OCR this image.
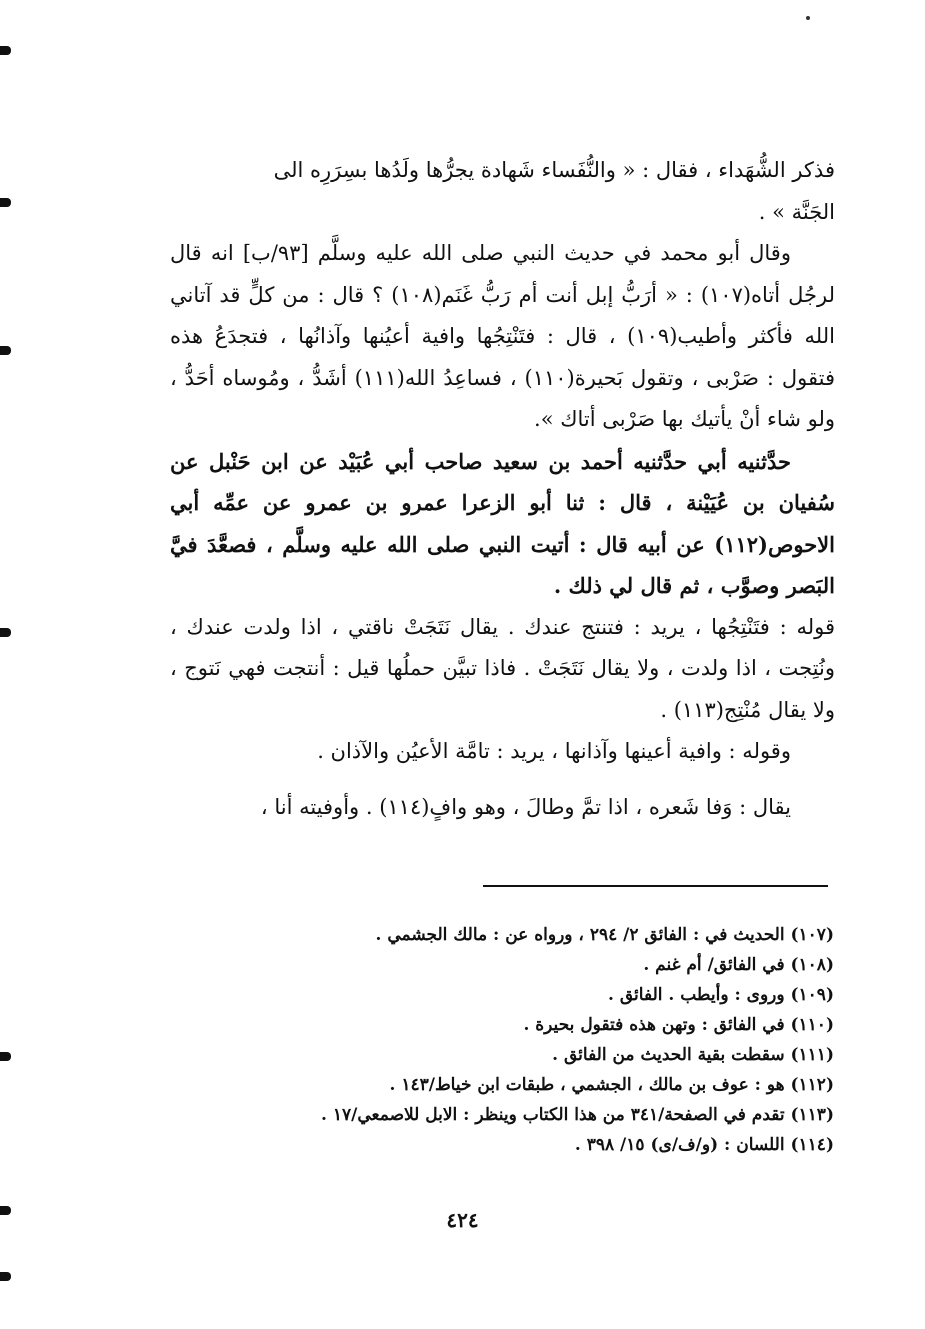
فذكر الشُّهَداء ، فقال : « والنُّفَساء شَهادة يجرُّها ولَدُها بسِرَرِه الى
الجَنَّة » .

وقال أبو محمد في حديث النبي صلى الله عليه وسلَّم [٩٣/ب] انه قال لرجُل أتاه(١٠٧) : « أرَبُّ إبل أنت أم رَبُّ غَنَم(١٠٨) ؟ قال : من كلٍّ قد آتاني الله فأكثر وأطيب(١٠٩) ، قال : فتَنْتِجُها وافية أعيُنها وآذانُها ، فتجدَعُ هذه فتقول : صَرْبى ، وتقول بَحيرة(١١٠) ، فساعِدُ الله(١١١) أشَدُّ ، ومُوساه أحَدُّ ، ولو شاء أنْ يأتيك بها صَرْبى أتاك ».

حدَّثنيه أبي حدَّثنيه أحمد بن سعيد صاحب أبي عُبَيْد عن ابن حَنْبل عن سُفيان بن عُيَيْنة ، قال : ثنا أبو الزعرا عمرو بن عمرو عن عمِّه أبي الاحوص(١١٢) عن أبيه قال : أتيت النبي صلى الله عليه وسلَّم ، فصعَّدَ فيَّ البَصر وصوَّب ، ثم قال لي ذلك .

قوله : فتَنْتِجُها ، يريد : فتنتج عندك . يقال نَتَجَتْ ناقتي ، اذا ولدت عندك ، ونُتِجت ، اذا ولدت ، ولا يقال نَتَجَتْ . فاذا تبيَّن حملُها قيل : أنتجت فهي نَتوج ، ولا يقال مُنْتِج(١١٣) .

وقوله : وافية أعينها وآذانها ، يريد : تامَّة الأعيُن والآذان .

يقال : وَفا شَعره ، اذا تمَّ وطالَ ، وهو وافٍ(١١٤) . وأوفيته أنا ،

(١٠٧) الحديث في : الفائق ٢/ ٢٩٤ ، ورواه عن : مالك الجشمي .
(١٠٨) في الفائق/ أم غنم .
(١٠٩) وروى : وأيطب . الفائق .
(١١٠) في الفائق : وتهن هذه فتقول بحيرة .
(١١١) سقطت بقية الحديث من الفائق .
(١١٢) هو : عوف بن مالك ، الجشمي ، طبقات ابن خياط/١٤٣ .
(١١٣) تقدم في الصفحة/٣٤١ من هذا الكتاب وينظر : الابل للاصمعي/١٧ .
(١١٤) اللسان : (و/ف/ى) ١٥/ ٣٩٨ .
٤٢٤
